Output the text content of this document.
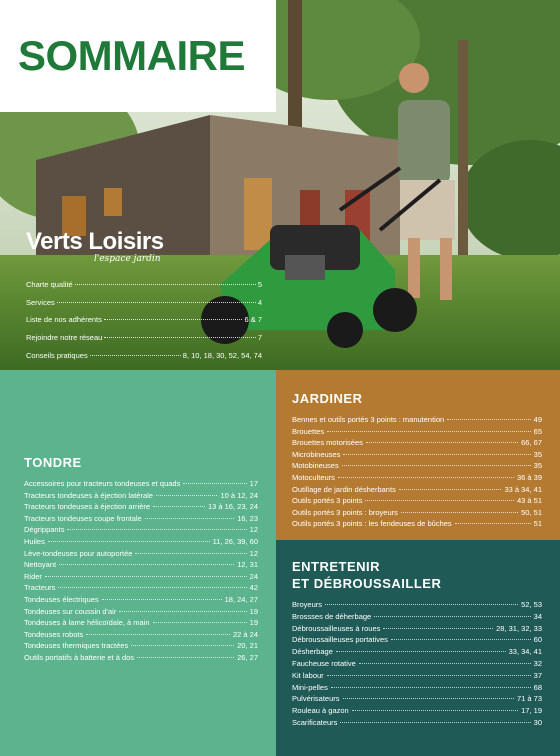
SOMMAIRE
Verts Loisirs
l'espace jardin
Charte qualité	5
Services	4
Liste de nos adhérents	6 & 7
Rejoindre notre réseau	7
Conseils pratiques	8, 10, 18, 30, 52, 54, 74
TONDRE
Accessoires pour tracteurs tondeuses et quads	17
Tracteurs tondeuses à éjection latérale	10 à 12, 24
Tracteurs tondeuses à éjection arrière	13 à 16, 23, 24
Tracteurs tondeuses coupe frontale	16, 23
Dégrippants	12
Huiles	11, 26, 39, 60
Lève-tondeuses pour autoportée	12
Nettoyant	12, 31
Rider	24
Tracteurs	42
Tondeuses électriques	18, 24, 27
Tondeuses sur coussin d'air	19
Tondeuses à lame hélicoïdale, à main	19
Tondeuses robots	22 à 24
Tondeuses thermiques tractées	20, 21
Outils portatifs à batterie et à dos	26, 27
JARDINER
Bennes et outils portés 3 points : manutention	49
Brouettes	65
Brouettes motorisées	66, 67
Microbineuses	35
Motobineuses	35
Motoculteurs	36 à 39
Outillage de jardin désherbants	33 à 34, 41
Outils portés 3 points	43 à 51
Outils portés 3 points : broyeurs	50, 51
Outils portés 3 points : les fendeuses de bûches	51
ENTRETENIR
ET DÉBROUSSAILLER
Broyeurs	52, 53
Brossses de déherbage	34
Débroussailleuses à roues	28, 31, 32, 33
Débroussailleuses portatives	60
Désherbage	33, 34, 41
Faucheuse rotative	32
Kit labour	37
Mini-pelles	68
Pulvérisateurs	71 à 73
Rouleau à gazon	17, 19
Scarificateurs	30
